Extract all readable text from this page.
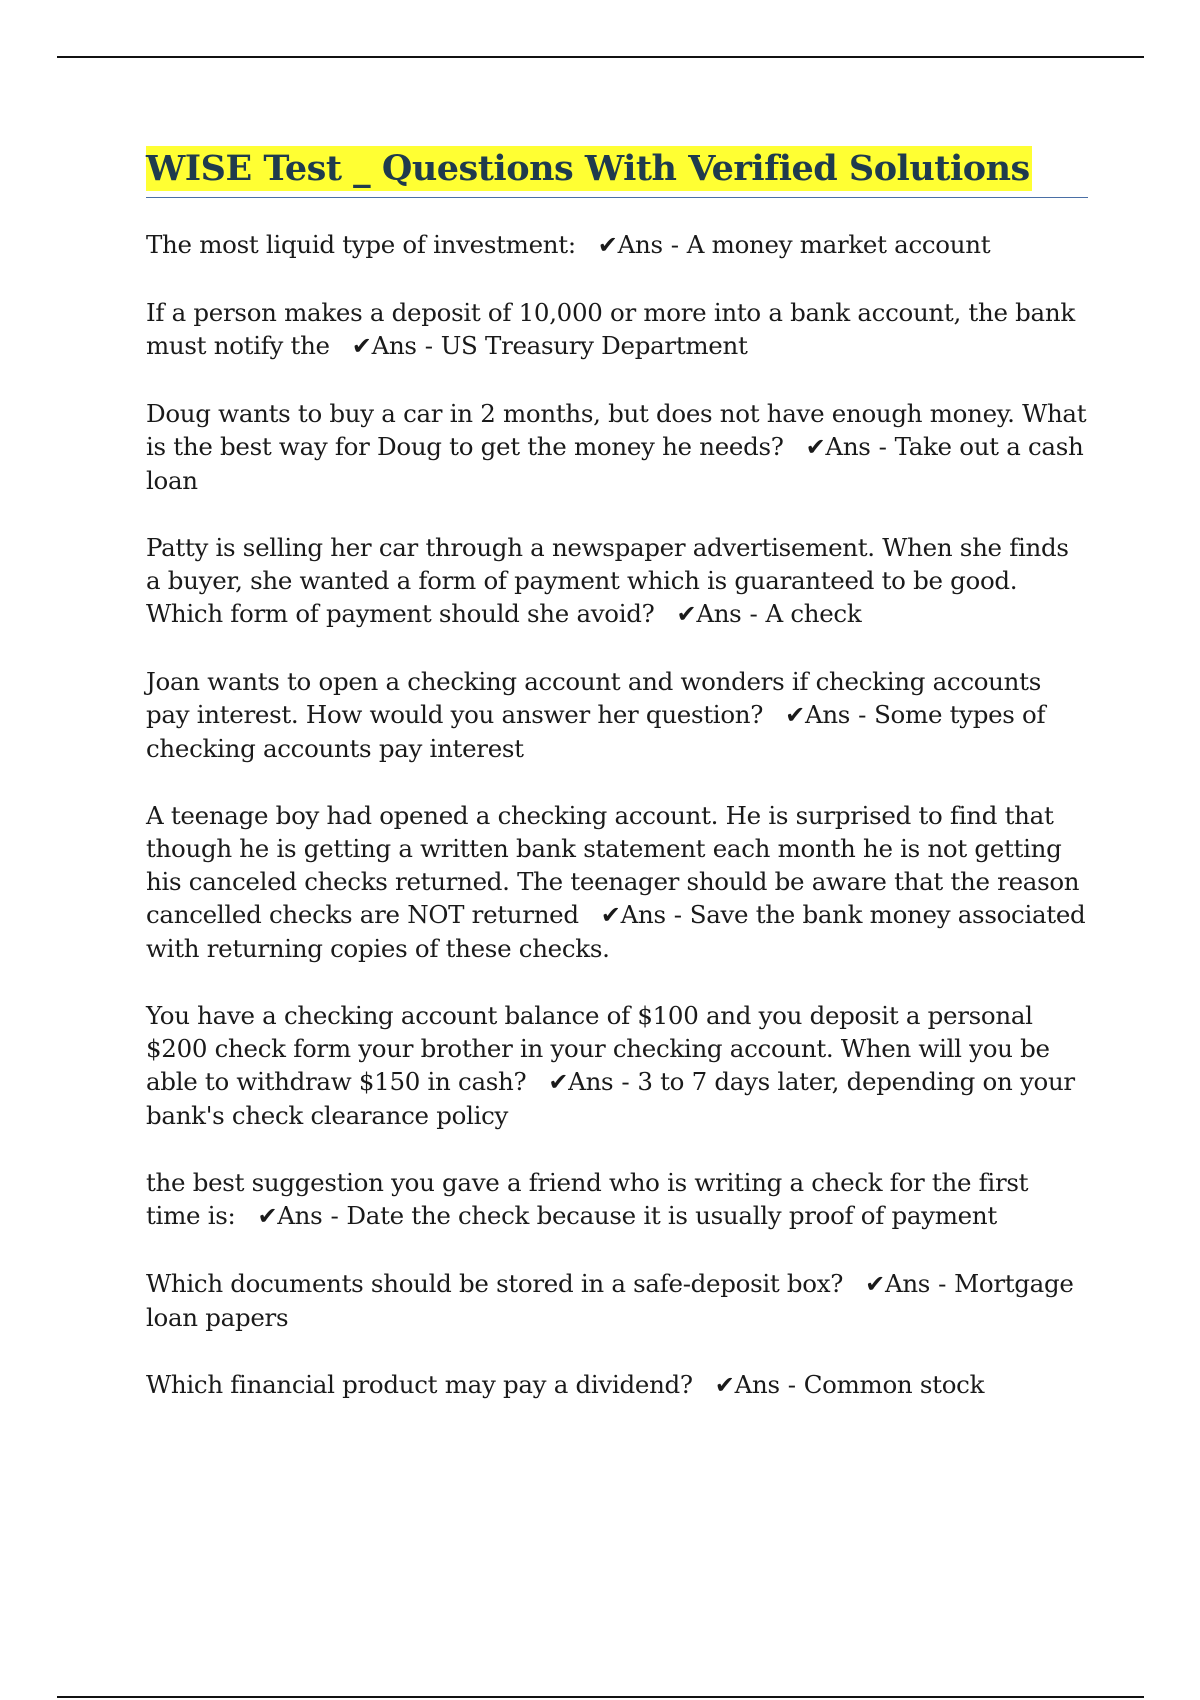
WISE Test _ Questions With Verified Solutions
The most liquid type of investment: ✔Ans - A money market account
If a person makes a deposit of 10,000 or more into a bank account, the bank must notify the ✔Ans - US Treasury Department
Doug wants to buy a car in 2 months, but does not have enough money. What is the best way for Doug to get the money he needs? ✔Ans - Take out a cash loan
Patty is selling her car through a newspaper advertisement. When she finds a buyer, she wanted a form of payment which is guaranteed to be good. Which form of payment should she avoid? ✔Ans - A check
Joan wants to open a checking account and wonders if checking accounts pay interest. How would you answer her question? ✔Ans - Some types of checking accounts pay interest
A teenage boy had opened a checking account. He is surprised to find that though he is getting a written bank statement each month he is not getting his canceled checks returned. The teenager should be aware that the reason cancelled checks are NOT returned ✔Ans - Save the bank money associated with returning copies of these checks.
You have a checking account balance of $100 and you deposit a personal $200 check form your brother in your checking account. When will you be able to withdraw $150 in cash? ✔Ans - 3 to 7 days later, depending on your bank's check clearance policy
the best suggestion you gave a friend who is writing a check for the first time is: ✔Ans - Date the check because it is usually proof of payment
Which documents should be stored in a safe-deposit box? ✔Ans - Mortgage loan papers
Which financial product may pay a dividend? ✔Ans - Common stock
